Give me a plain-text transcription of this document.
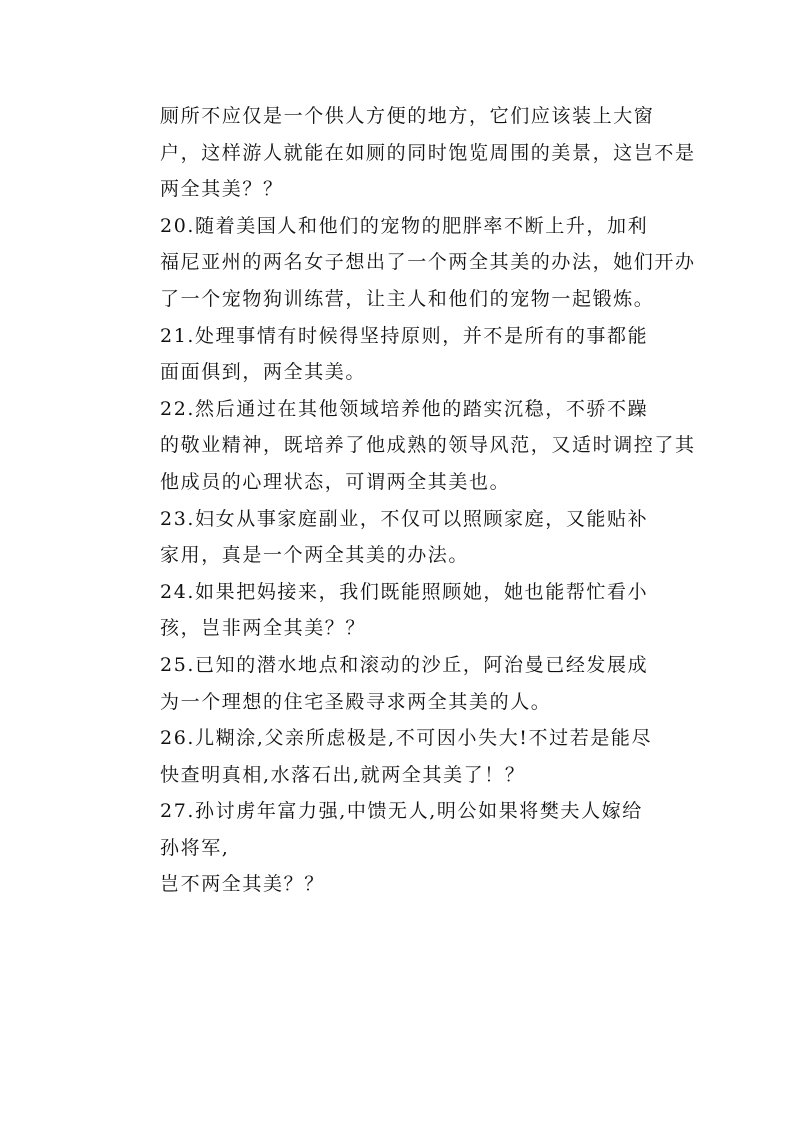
厕所不应仅是一个供人方便的地方，它们应该装上大窗
户，这样游人就能在如厕的同时饱览周围的美景，这岂不是
两全其美？？

20.随着美国人和他们的宠物的肥胖率不断上升，加利
福尼亚州的两名女子想出了一个两全其美的办法，她们开办
了一个宠物狗训练营，让主人和他们的宠物一起锻炼。

21.处理事情有时候得坚持原则，并不是所有的事都能
面面俱到，两全其美。

22.然后通过在其他领域培养他的踏实沉稳，不骄不躁
的敬业精神，既培养了他成熟的领导风范，又适时调控了其
他成员的心理状态，可谓两全其美也。

23.妇女从事家庭副业，不仅可以照顾家庭，又能贴补
家用，真是一个两全其美的办法。

24.如果把妈接来，我们既能照顾她，她也能帮忙看小
孩，岂非两全其美？？

25.已知的潜水地点和滚动的沙丘，阿治曼已经发展成
为一个理想的住宅圣殿寻求两全其美的人。

26.儿糊涂,父亲所虑极是,不可因小失大!不过若是能尽
快查明真相,水落石出,就两全其美了！？

27.孙讨虏年富力强,中馈无人,明公如果将樊夫人嫁给
孙将军,

岂不两全其美？？
